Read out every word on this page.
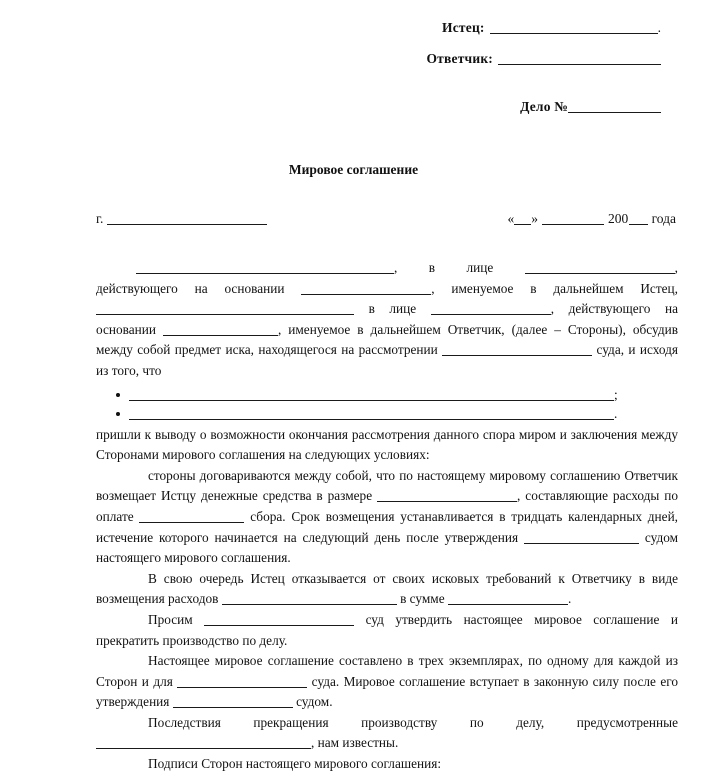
Истец:	.
Ответчик:
Дело №
Мировое соглашение
г.	« »	200 года

, в лице	, действующего на основании	, именуемое в дальнейшем Истец,  в лице	, действующего на основании	, именуемое в дальнейшем Ответчик, (далее – Стороны), обсудив между собой предмет иска, находящегося на рассмотрении	суда, и исходя из того, что

;
.

пришли к выводу о возможности окончания рассмотрения данного спора миром и заключения между Сторонами мирового соглашения на следующих условиях:

стороны договариваются между собой, что по настоящему мировому соглашению Ответчик возмещает Истцу денежные средства в размере	, составляющие расходы по оплате	сбора. Срок возмещения устанавливается в тридцать календарных дней, истечение которого начинается на следующий день после утверждения	судом настоящего мирового соглашения.

В свою очередь Истец отказывается от своих исковых требований к Ответчику в виде возмещения расходов	в сумме	.

Просим	суд утвердить настоящее мировое соглашение и прекратить производство по делу.

Настоящее мировое соглашение составлено в трех экземплярах, по одному для каждой из Сторон и для	суда. Мировое соглашение вступает в законную силу после его утверждения	судом.

Последствия прекращения производству по делу, предусмотренные , нам известны.

Подписи Сторон настоящего мирового соглашения:
